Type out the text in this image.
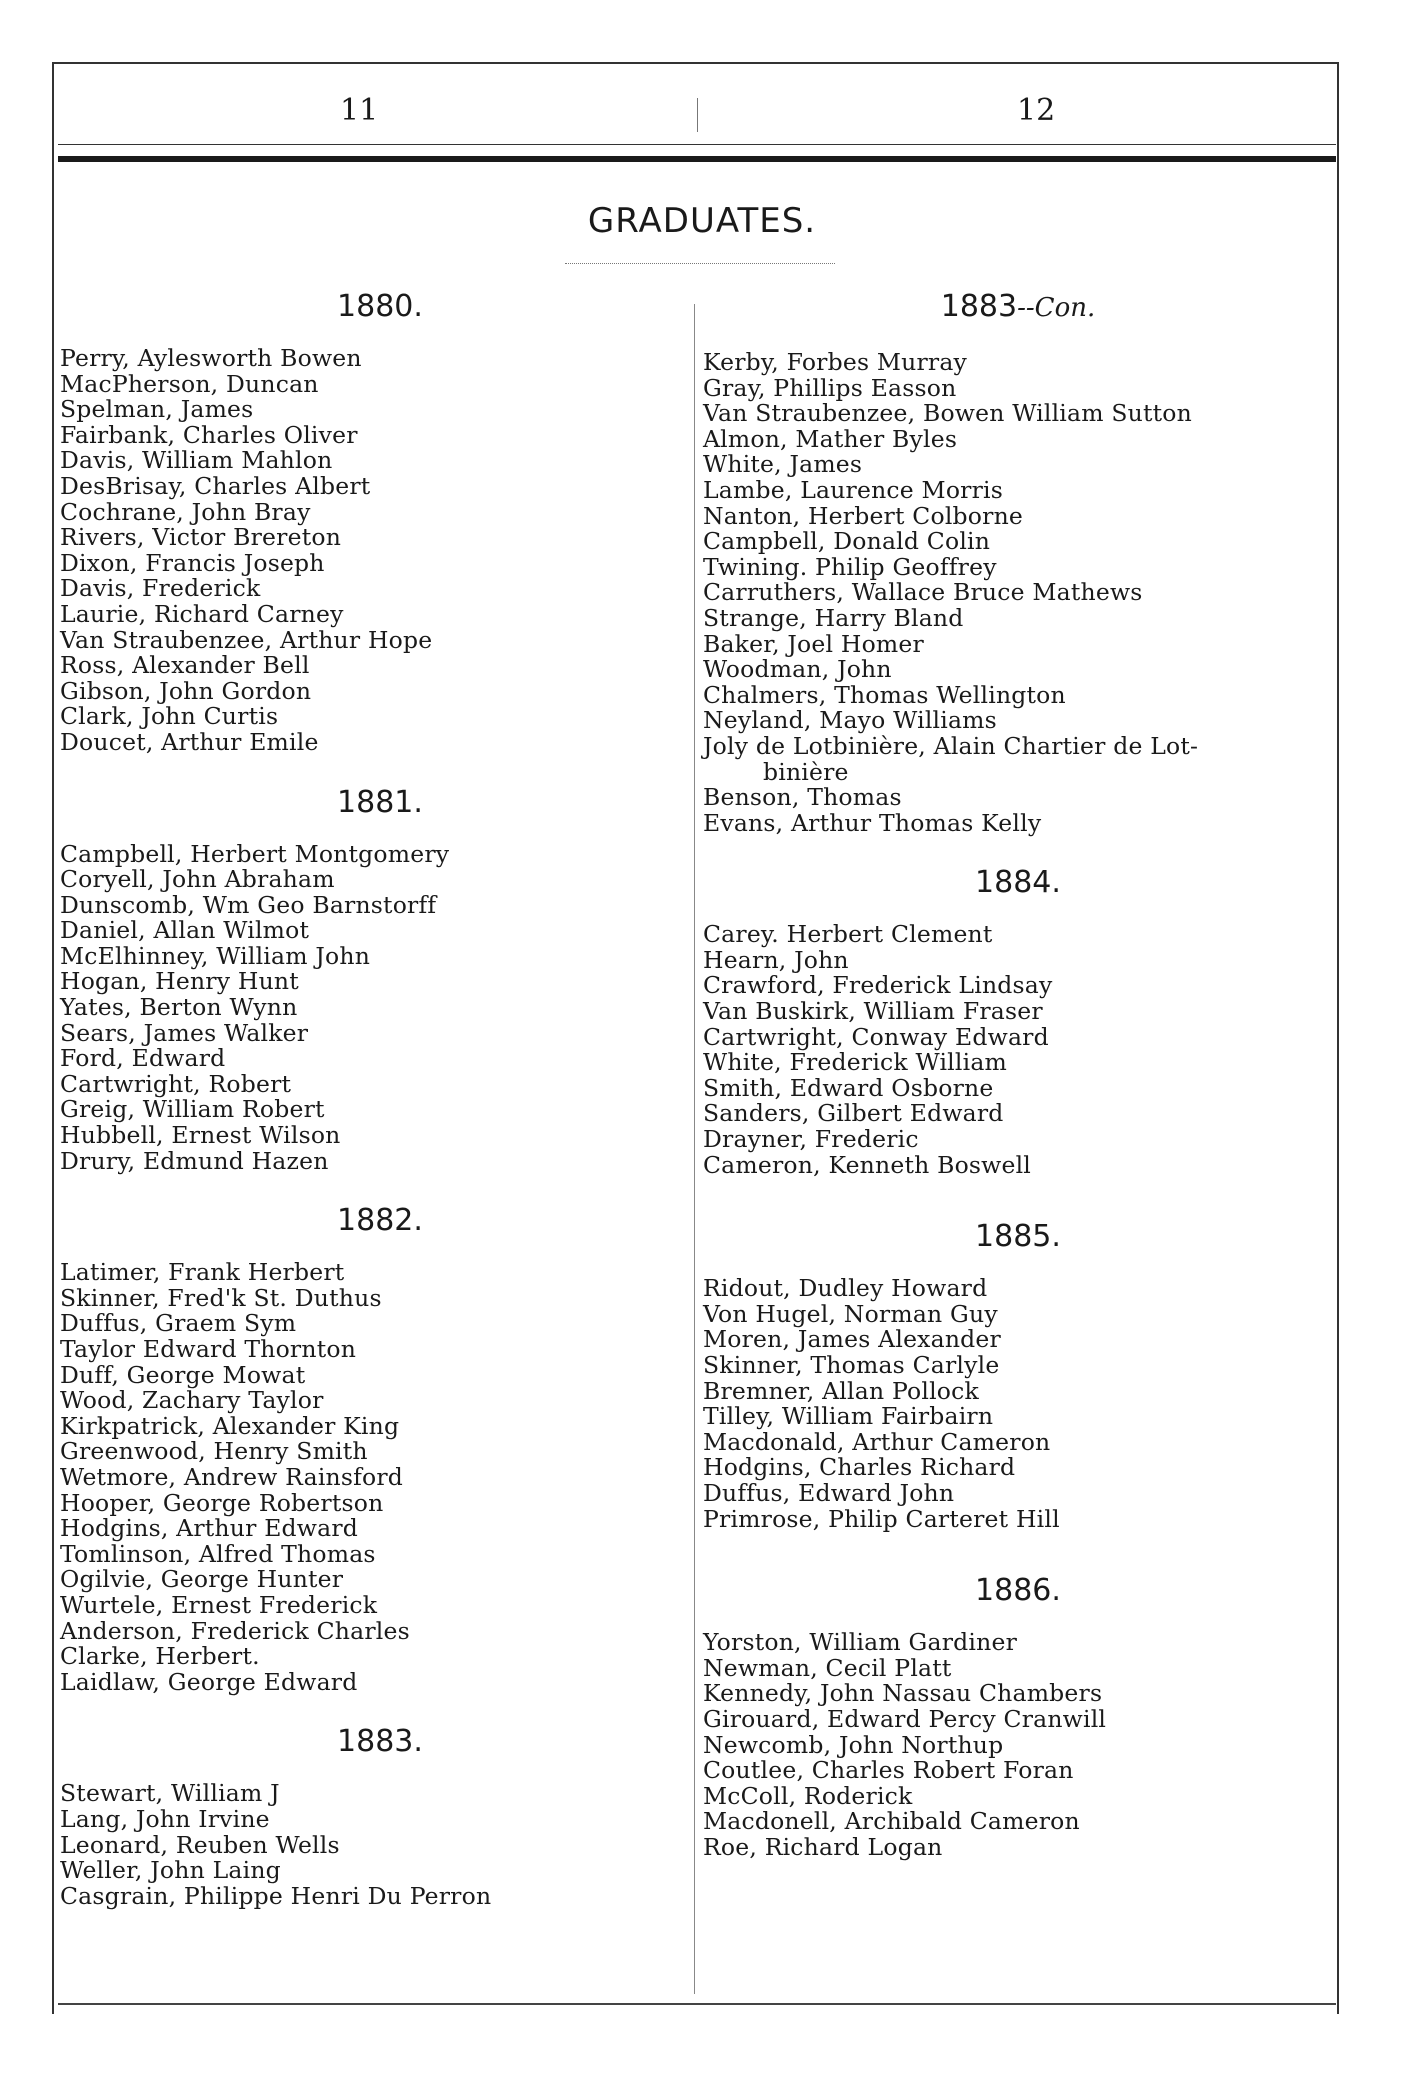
11	12
GRADUATES.
1880.
Perry, Aylesworth Bowen
MacPherson, Duncan
Spelman, James
Fairbank, Charles Oliver
Davis, William Mahlon
DesBrisay, Charles Albert
Cochrane, John Bray
Rivers, Victor Brereton
Dixon, Francis Joseph
Davis, Frederick
Laurie, Richard Carney
Van Straubenzee, Arthur Hope
Ross, Alexander Bell
Gibson, John Gordon
Clark, John Curtis
Doucet, Arthur Emile
1881.
Campbell, Herbert Montgomery
Coryell, John Abraham
Dunscomb, Wm Geo Barnstorff
Daniel, Allan Wilmot
McElhinney, William John
Hogan, Henry Hunt
Yates, Berton Wynn
Sears, James Walker
Ford, Edward
Cartwright, Robert
Greig, William Robert
Hubbell, Ernest Wilson
Drury, Edmund Hazen
1882.
Latimer, Frank Herbert
Skinner, Fred'k St. Duthus
Duffus, Graem Sym
Taylor Edward Thornton
Duff, George Mowat
Wood, Zachary Taylor
Kirkpatrick, Alexander King
Greenwood, Henry Smith
Wetmore, Andrew Rainsford
Hooper, George Robertson
Hodgins, Arthur Edward
Tomlinson, Alfred Thomas
Ogilvie, George Hunter
Wurtele, Ernest Frederick
Anderson, Frederick Charles
Clarke, Herbert.
Laidlaw, George Edward
1883.
Stewart, William J
Lang, John Irvine
Leonard, Reuben Wells
Weller, John Laing
Casgrain, Philippe Henri Du Perron
1883--Con.
Kerby, Forbes Murray
Gray, Phillips Easson
Van Straubenzee, Bowen William Sutton
Almon, Mather Byles
White, James
Lambe, Laurence Morris
Nanton, Herbert Colborne
Campbell, Donald Colin
Twining. Philip Geoffrey
Carruthers, Wallace Bruce Mathews
Strange, Harry Bland
Baker, Joel Homer
Woodman, John
Chalmers, Thomas Wellington
Neyland, Mayo Williams
Joly de Lotbinière, Alain Chartier de Lot-
binière
Benson, Thomas
Evans, Arthur Thomas Kelly
1884.
Carey. Herbert Clement
Hearn, John
Crawford, Frederick Lindsay
Van Buskirk, William Fraser
Cartwright, Conway Edward
White, Frederick William
Smith, Edward Osborne
Sanders, Gilbert Edward
Drayner, Frederic
Cameron, Kenneth Boswell
1885.
Ridout, Dudley Howard
Von Hugel, Norman Guy
Moren, James Alexander
Skinner, Thomas Carlyle
Bremner, Allan Pollock
Tilley, William Fairbairn
Macdonald, Arthur Cameron
Hodgins, Charles Richard
Duffus, Edward John
Primrose, Philip Carteret Hill
1886.
Yorston, William Gardiner
Newman, Cecil Platt
Kennedy, John Nassau Chambers
Girouard, Edward Percy Cranwill
Newcomb, John Northup
Coutlee, Charles Robert Foran
McColl, Roderick
Macdonell, Archibald Cameron
Roe, Richard Logan
